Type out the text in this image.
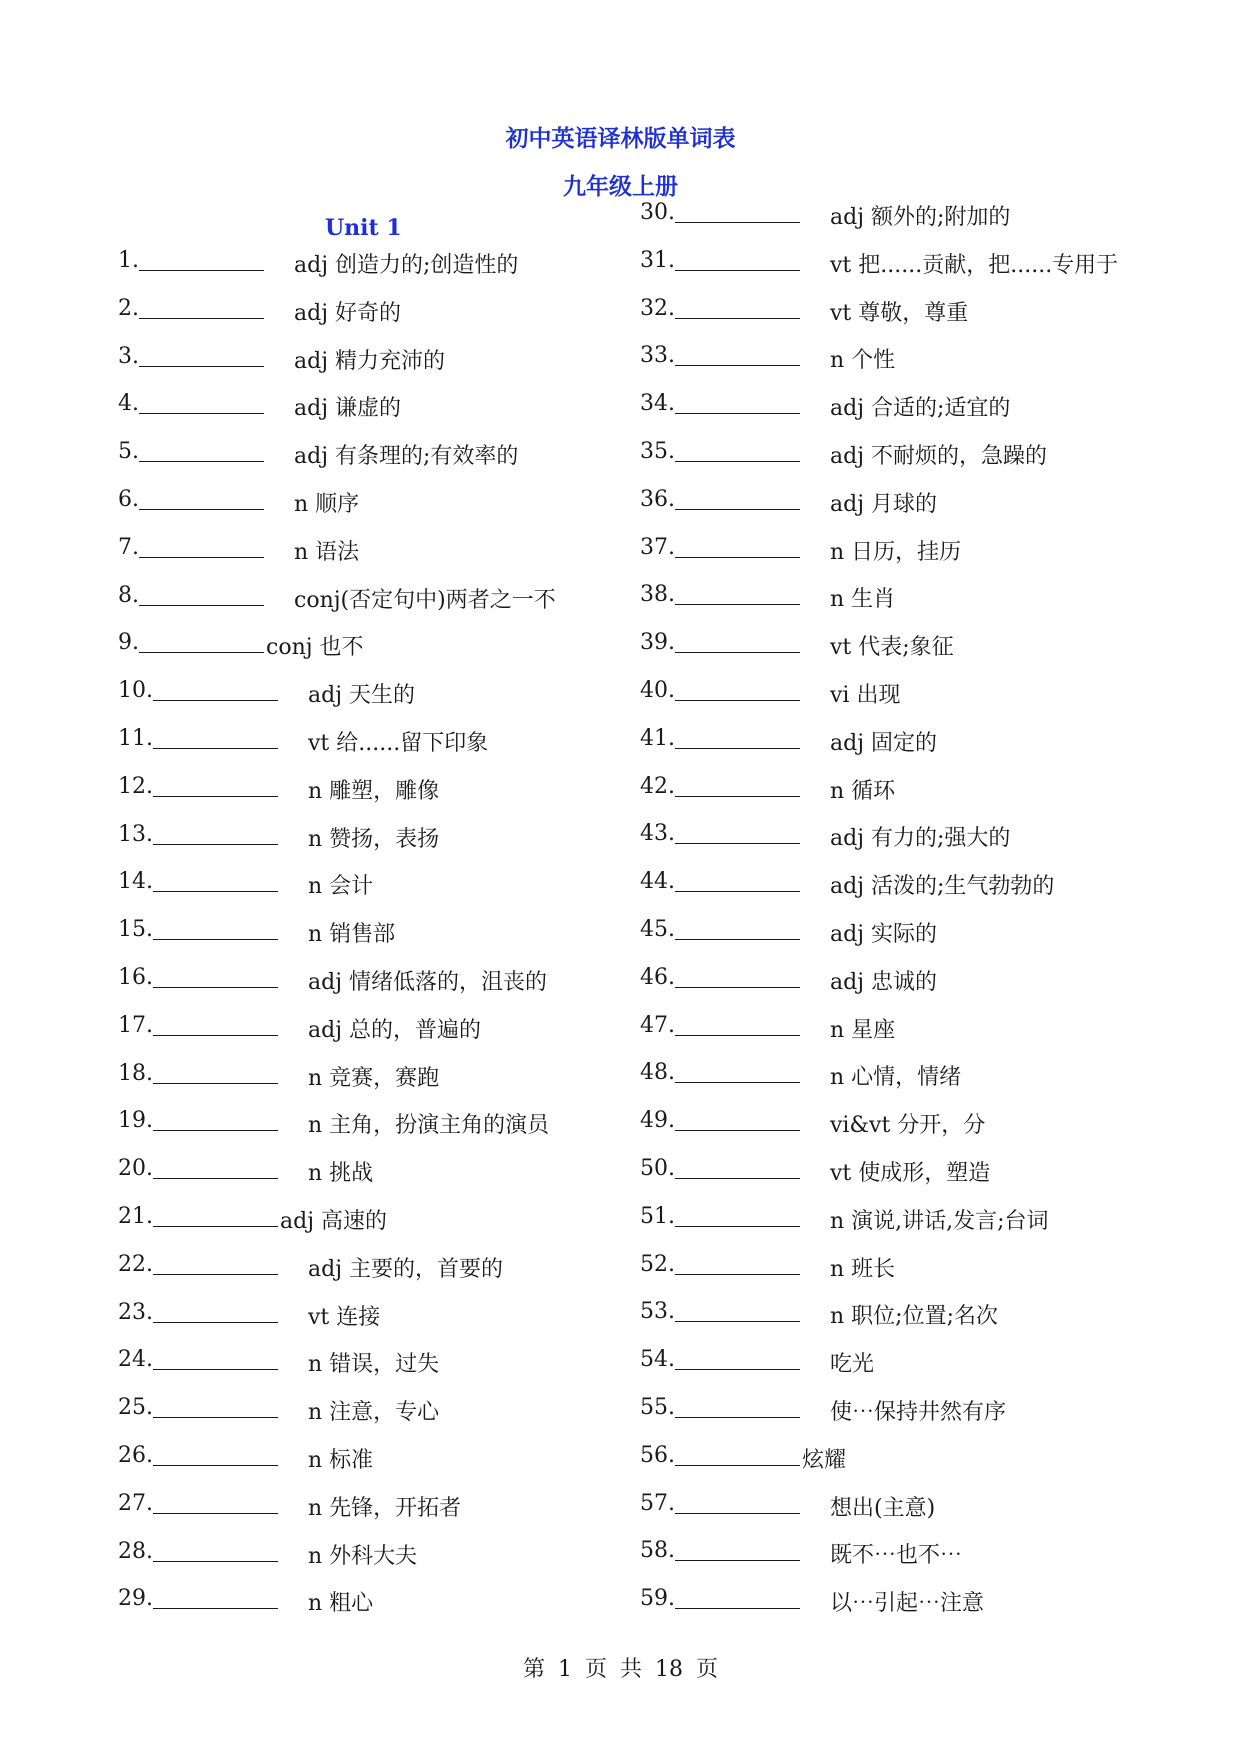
初中英语译林版单词表
九年级上册
Unit 1
1.	adj 创造力的;创造性的
2.	adj 好奇的
3.	adj 精力充沛的
4.	adj 谦虚的
5.	adj 有条理的;有效率的
6.	n 顺序
7.	n 语法
8.	conj(否定句中)两者之一不
9.	conj 也不
10.	adj 天生的
11.	vt 给......留下印象
12.	n 雕塑，雕像
13.	n 赞扬，表扬
14.	n 会计
15.	n 销售部
16.	adj 情绪低落的，沮丧的
17.	adj 总的，普遍的
18.	n 竞赛，赛跑
19.	n 主角，扮演主角的演员
20.	n 挑战
21.	adj 高速的
22.	adj 主要的，首要的
23.	vt 连接
24.	n 错误，过失
25.	n 注意，专心
26.	n 标准
27.	n 先锋，开拓者
28.	n 外科大夫
29.	n 粗心
30.	adj 额外的;附加的
31.	vt 把......贡献，把......专用于
32.	vt 尊敬，尊重
33.	n 个性
34.	adj 合适的;适宜的
35.	adj 不耐烦的，急躁的
36.	adj 月球的
37.	n 日历，挂历
38.	n 生肖
39.	vt 代表;象征
40.	vi 出现
41.	adj 固定的
42.	n 循环
43.	adj 有力的;强大的
44.	adj 活泼的;生气勃勃的
45.	adj 实际的
46.	adj 忠诚的
47.	n 星座
48.	n 心情，情绪
49.	vi&vt 分开，分
50.	vt 使成形，塑造
51.	n 演说,讲话,发言;台词
52.	n 班长
53.	n 职位;位置;名次
54.	吃光
55.	使⋯保持井然有序
56.	炫耀
57.	想出(主意)
58.	既不⋯也不⋯
59.	以⋯引起⋯注意
第 1 页 共 18 页
